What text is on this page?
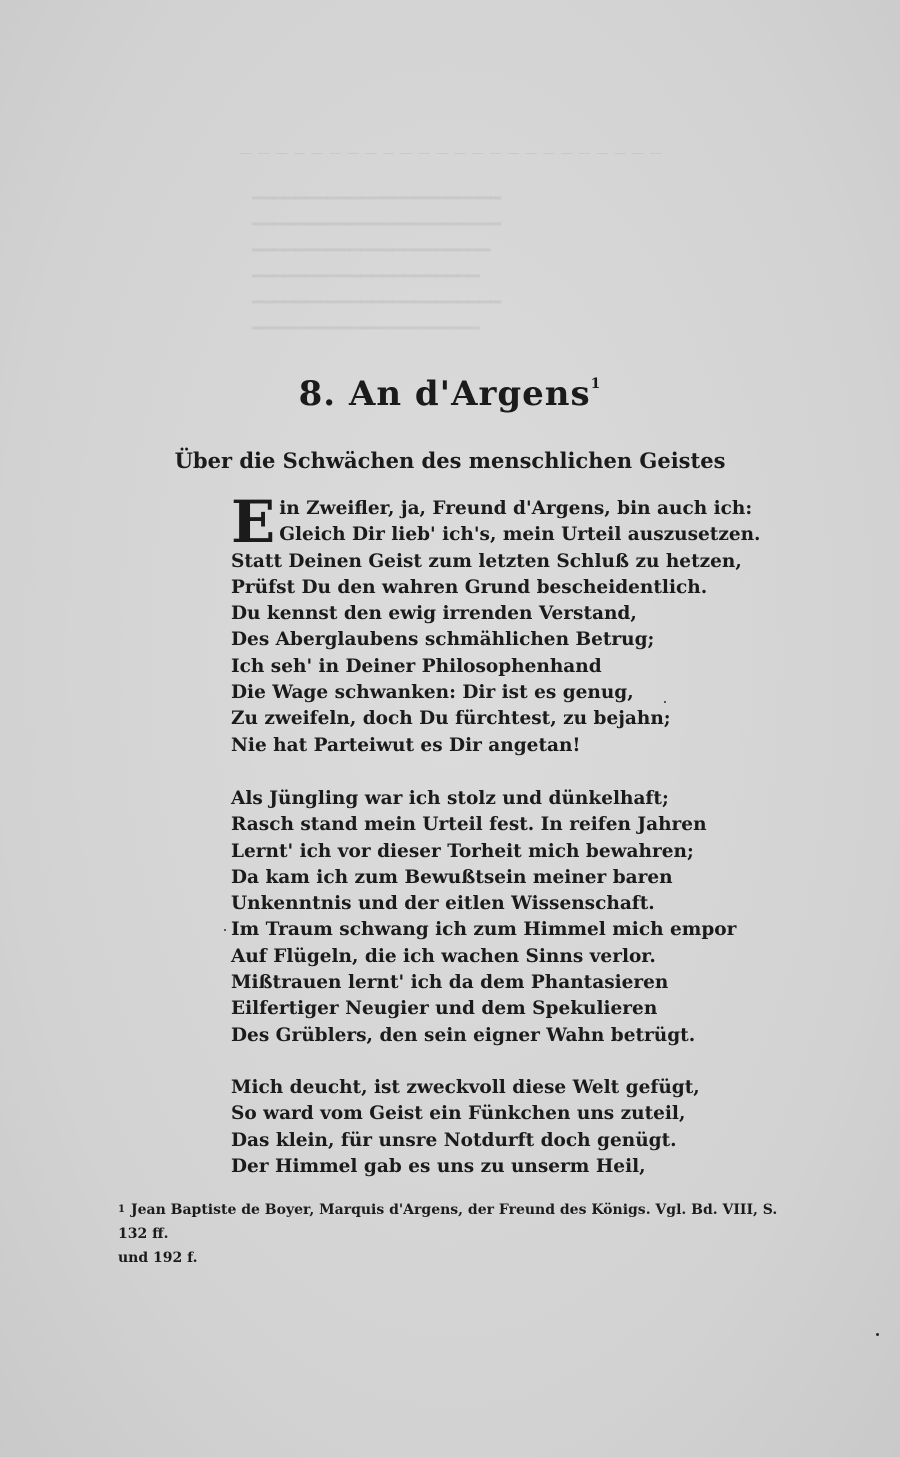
— — — — — — — — — — — — — — — — — — — — — — — —
━━━━━━━━━━━━━━━━━━━━━━━
━━━━━━━━━━━━━━━━━━━━━━━
━━━━━━━━━━━━━━━━━━━━━━
━━━━━━━━━━━━━━━━━━━━━
━━━━━━━━━━━━━━━━━━━━━━━
━━━━━━━━━━━━━━━━━━━━━
8. An d'Argens$^1$
Über die Schwächen des menschlichen Geistes
Ein Zweifler, ja, Freund d'Argens, bin auch ich:
Gleich Dir lieb' ich's, mein Urteil auszusetzen.
Statt Deinen Geist zum letzten Schluß zu hetzen,
Prüfst Du den wahren Grund bescheidentlich.
Du kennst den ewig irrenden Verstand,
Des Aberglaubens schmählichen Betrug;
Ich seh' in Deiner Philosophenhand
Die Wage schwanken: Dir ist es genug,
Zu zweifeln, doch Du fürchtest, zu bejahn;
Nie hat Parteiwut es Dir angetan!
Als Jüngling war ich stolz und dünkelhaft;
Rasch stand mein Urteil fest. In reifen Jahren
Lernt' ich vor dieser Torheit mich bewahren;
Da kam ich zum Bewußtsein meiner baren
Unkenntnis und der eitlen Wissenschaft.
Im Traum schwang ich zum Himmel mich empor
Auf Flügeln, die ich wachen Sinns verlor.
Mißtrauen lernt' ich da dem Phantasieren
Eilfertiger Neugier und dem Spekulieren
Des Grüblers, den sein eigner Wahn betrügt.
Mich deucht, ist zweckvoll diese Welt gefügt,
So ward vom Geist ein Fünkchen uns zuteil,
Das klein, für unsre Notdurft doch genügt.
Der Himmel gab es uns zu unserm Heil,
$^1$ Jean Baptiste de Boyer, Marquis d'Argens, der Freund des Königs. Vgl. Bd. VIII, S. 132 ff.
und 192 f.
